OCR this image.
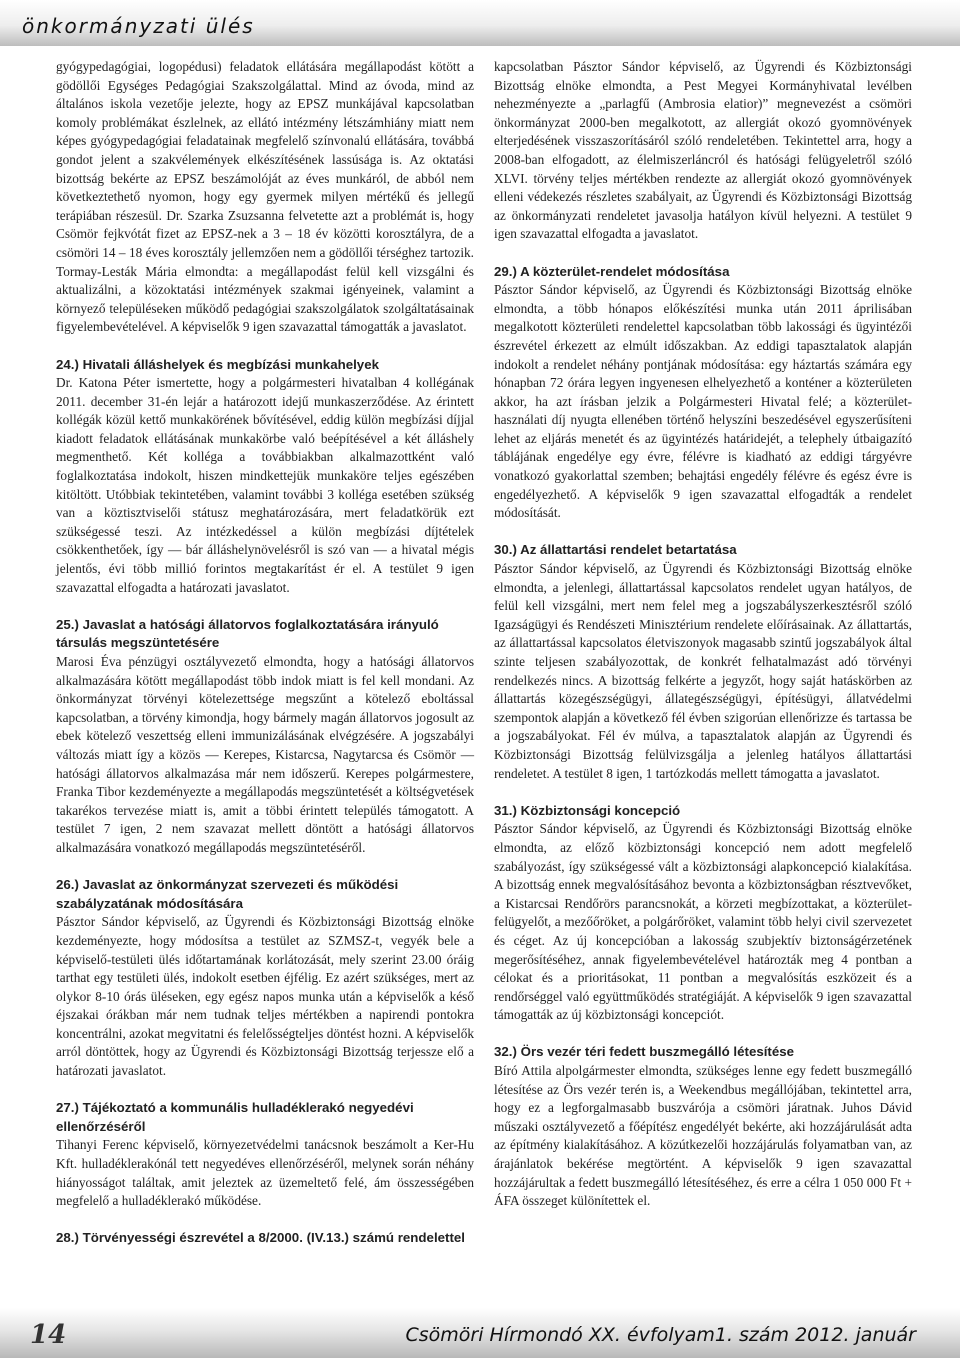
önkormányzati ülés

gyógypedagógiai, logopédusi) feladatok ellátására megállapodást kötött a gödöllői Egységes Pedagógiai Szakszolgálattal. Mind az óvoda, mind az általános iskola vezetője jelezte, hogy az EPSZ munkájával kapcsolatban komoly problémákat észlelnek, az ellátó intézmény létszámhiány miatt nem képes gyógypedagógiai feladatainak megfelelő színvonalú ellátására, továbbá gondot jelent a szakvélemények elkészítésének lassúsága is. Az oktatási bizottság bekérte az EPSZ beszámolóját az éves munkáról, de abból nem következtethető nyomon, hogy egy gyermek milyen mértékű és jellegű terápiában részesül. Dr. Szarka Zsuzsanna felvetette azt a problémát is, hogy Csömör fejkvótát fizet az EPSZ-nek a 3 – 18 év közötti korosztályra, de a csömöri 14 – 18 éves korosztály jellemzően nem a gödöllői térséghez tartozik. Tormay-Lesták Mária elmondta: a megállapodást felül kell vizsgálni és aktualizálni, a közoktatási intézmények szakmai igényeinek, valamint a környező településeken működő pedagógiai szakszolgálatok szolgáltatásainak figyelembevételével. A képviselők 9 igen szavazattal támogatták a javaslatot.

24.) Hivatali álláshelyek és megbízási munkahelyek

Dr. Katona Péter ismertette, hogy a polgármesteri hivatalban 4 kollégának 2011. december 31-én lejár a határozott idejű munkaszerződése. Az érintett kollégák közül kettő munkakörének bővítésével, eddig külön megbízási díjjal kiadott feladatok ellátásának munkakörbe való beépítésével a két álláshely megmenthető. Két kolléga a továbbiakban alkalmazottként való foglalkoztatása indokolt, hiszen mindkettejük munkaköre teljes egészében kitöltött. Utóbbiak tekintetében, valamint további 3 kolléga esetében szükség van a köztisztviselői státusz meghatározására, mert feladatkörük ezt szükségessé teszi. Az intézkedéssel a külön megbízási díjtételek csökkenthetőek, így — bár álláshelynövelésről is szó van — a hivatal mégis jelentős, évi több millió forintos megtakarítást ér el. A testület 9 igen szavazattal elfogadta a határozati javaslatot.

25.) Javaslat a hatósági állatorvos foglalkoztatására irányuló társulás megszüntetésére

Marosi Éva pénzügyi osztályvezető elmondta, hogy a hatósági állatorvos alkalmazására kötött megállapodást több indok miatt is fel kell mondani. Az önkormányzat törvényi kötelezettsége megszűnt a kötelező eboltással kapcsolatban, a törvény kimondja, hogy bármely magán állatorvos jogosult az ebek kötelező veszettség elleni immunizálásának elvégzésére. A jogszabályi változás miatt így a közös — Kerepes, Kistarcsa, Nagytarcsa és Csömör — hatósági állatorvos alkalmazása már nem időszerű. Kerepes polgármestere, Franka Tibor kezdeményezte a megállapodás megszüntetését a költségvetések takarékos tervezése miatt is, amit a többi érintett település támogatott. A testület 7 igen, 2 nem szavazat mellett döntött a hatósági állatorvos alkalmazására vonatkozó megállapodás megszüntetéséről.

26.) Javaslat az önkormányzat szervezeti és működési szabályzatának módosítására

Pásztor Sándor képviselő, az Ügyrendi és Közbiztonsági Bizottság elnöke kezdeményezte, hogy módosítsa a testület az SZMSZ-t, vegyék bele a képviselő-testületi ülés időtartamának korlátozását, mely szerint 23.00 óráig tarthat egy testületi ülés, indokolt esetben éjfélig. Ez azért szükséges, mert az olykor 8-10 órás üléseken, egy egész napos munka után a képviselők a késő éjszakai órákban már nem tudnak teljes mértékben a napirendi pontokra koncentrálni, azokat megvitatni és felelősségteljes döntést hozni. A képviselők arról döntöttek, hogy az Ügyrendi és Közbiztonsági Bizottság terjessze elő a határozati javaslatot.

27.) Tájékoztató a kommunális hulladéklerakó negyedévi ellenőrzéséről

Tihanyi Ferenc képviselő, környezetvédelmi tanácsnok beszámolt a Ker-Hu Kft. hulladéklerakónál tett negyedéves ellenőrzéséről, melynek során néhány hiányosságot találtak, amit jeleztek az üzemeltető felé, ám összességében megfelelő a hulladéklerakó működése.

28.) Törvényességi észrevétel a 8/2000. (IV.13.) számú rendelettel

kapcsolatban Pásztor Sándor képviselő, az Ügyrendi és Közbiztonsági Bizottság elnöke elmondta, a Pest Megyei Kormányhivatal levélben nehezményezte a „parlagfű (Ambrosia elatior)” megnevezést a csömöri önkormányzat 2000-ben megalkotott, az allergiát okozó gyomnövények elterjedésének visszaszorításáról szóló rendeletében. Tekintettel arra, hogy a 2008-ban elfogadott, az élelmiszerláncról és hatósági felügyeletről szóló XLVI. törvény teljes mértékben rendezte az allergiát okozó gyomnövények elleni védekezés részletes szabályait, az Ügyrendi és Közbiztonsági Bizottság az önkormányzati rendeletet javasolja hatályon kívül helyezni. A testület 9 igen szavazattal elfogadta a javaslatot.

29.) A közterület-rendelet módosítása

Pásztor Sándor képviselő, az Ügyrendi és Közbiztonsági Bizottság elnöke elmondta, a több hónapos előkészítési munka után 2011 áprilisában megalkotott közterületi rendelettel kapcsolatban több lakossági és ügyintézői észrevétel érkezett az elmúlt időszakban. Az eddigi tapasztalatok alapján indokolt a rendelet néhány pontjának módosítása: egy háztartás számára egy hónapban 72 órára legyen ingyenesen elhelyezhető a konténer a közterületen akkor, ha azt írásban jelzik a Polgármesteri Hivatal felé; a közterület-használati díj nyugta ellenében történő helyszíni beszedésével egyszerűsíteni lehet az eljárás menetét és az ügyintézés határidejét, a telephely útbaigazító táblájának engedélye egy évre, félévre is kiadható az eddigi tárgyévre vonatkozó gyakorlattal szemben; behajtási engedély félévre és egész évre is engedélyezhető. A képviselők 9 igen szavazattal elfogadták a rendelet módosítását.

30.) Az állattartási rendelet betartatása

Pásztor Sándor képviselő, az Ügyrendi és Közbiztonsági Bizottság elnöke elmondta, a jelenlegi, állattartással kapcsolatos rendelet ugyan hatályos, de felül kell vizsgálni, mert nem felel meg a jogszabályszerkesztésről szóló Igazságügyi és Rendészeti Minisztérium rendelete előírásainak. Az állattartás, az állattartással kapcsolatos életviszonyok magasabb szintű jogszabályok által szinte teljesen szabályozottak, de konkrét felhatalmazást adó törvényi rendelkezés nincs. A bizottság felkérte a jegyzőt, hogy saját hatáskörben az állattartás közegészségügyi, állategészségügyi, építésügyi, állatvédelmi szempontok alapján a következő fél évben szigorúan ellenőrizze és tartassa be a jogszabályokat. Fél év múlva, a tapasztalatok alapján az Ügyrendi és Közbiztonsági Bizottság felülvizsgálja a jelenleg hatályos állattartási rendeletet. A testület 8 igen, 1 tartózkodás mellett támogatta a javaslatot.

31.) Közbiztonsági koncepció

Pásztor Sándor képviselő, az Ügyrendi és Közbiztonsági Bizottság elnöke elmondta, az előző közbiztonsági koncepció nem adott megfelelő szabályozást, így szükségessé vált a közbiztonsági alapkoncepció kialakítása. A bizottság ennek megvalósításához bevonta a közbiztonságban résztvevőket, a Kistarcsai Rendőrörs parancsnokát, a körzeti megbízottakat, a közterület-felügyelőt, a mezőőröket, a polgárőröket, valamint több helyi civil szervezetet és céget. Az új koncepcióban a lakosság szubjektív biztonságérzetének megerősítéséhez, annak figyelembevételével határozták meg 4 pontban a célokat és a prioritásokat, 11 pontban a megvalósítás eszközeit és a rendőrséggel való együttműködés stratégiáját. A képviselők 9 igen szavazattal támogatták az új közbiztonsági koncepciót.

32.) Örs vezér téri fedett buszmegálló létesítése

Bíró Attila alpolgármester elmondta, szükséges lenne egy fedett buszmegálló létesítése az Örs vezér terén is, a Weekendbus megállójában, tekintettel arra, hogy ez a legforgalmasabb buszvárója a csömöri járatnak. Juhos Dávid műszaki osztályvezető a főépítész engedélyét bekérte, aki hozzájárulását adta az építmény kialakításához. A közútkezelői hozzájárulás folyamatban van, az árajánlatok bekérése megtörtént. A képviselők 9 igen szavazattal hozzájárultak a fedett buszmegálló létesítéséhez, és erre a célra 1 050 000 Ft + ÁFA összeget különítettek el.

14	Csömöri Hírmondó XX. évfolyam1. szám 2012. január
